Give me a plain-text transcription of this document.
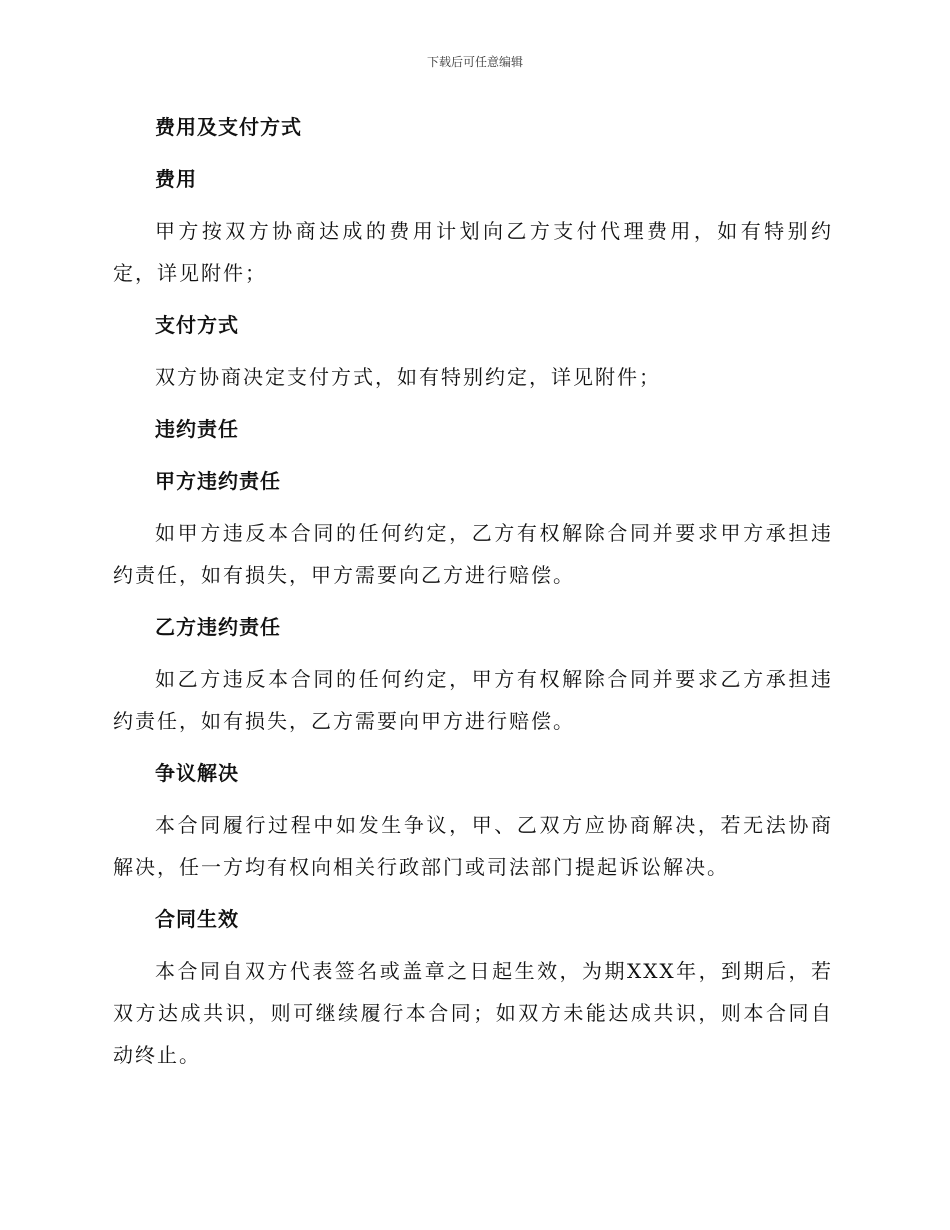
下载后可任意编辑
费用及支付方式
费用

甲方按双方协商达成的费用计划向乙方支付代理费用，如有特别约定，详见附件；

支付方式

双方协商决定支付方式，如有特别约定，详见附件；

违约责任
甲方违约责任

如甲方违反本合同的任何约定，乙方有权解除合同并要求甲方承担违约责任，如有损失，甲方需要向乙方进行赔偿。

乙方违约责任

如乙方违反本合同的任何约定，甲方有权解除合同并要求乙方承担违约责任，如有损失，乙方需要向甲方进行赔偿。

争议解决

本合同履行过程中如发生争议，甲、乙双方应协商解决，若无法协商解决，任一方均有权向相关行政部门或司法部门提起诉讼解决。

合同生效

本合同自双方代表签名或盖章之日起生效，为期XXX年，到期后，若双方达成共识，则可继续履行本合同；如双方未能达成共识，则本合同自动终止。
